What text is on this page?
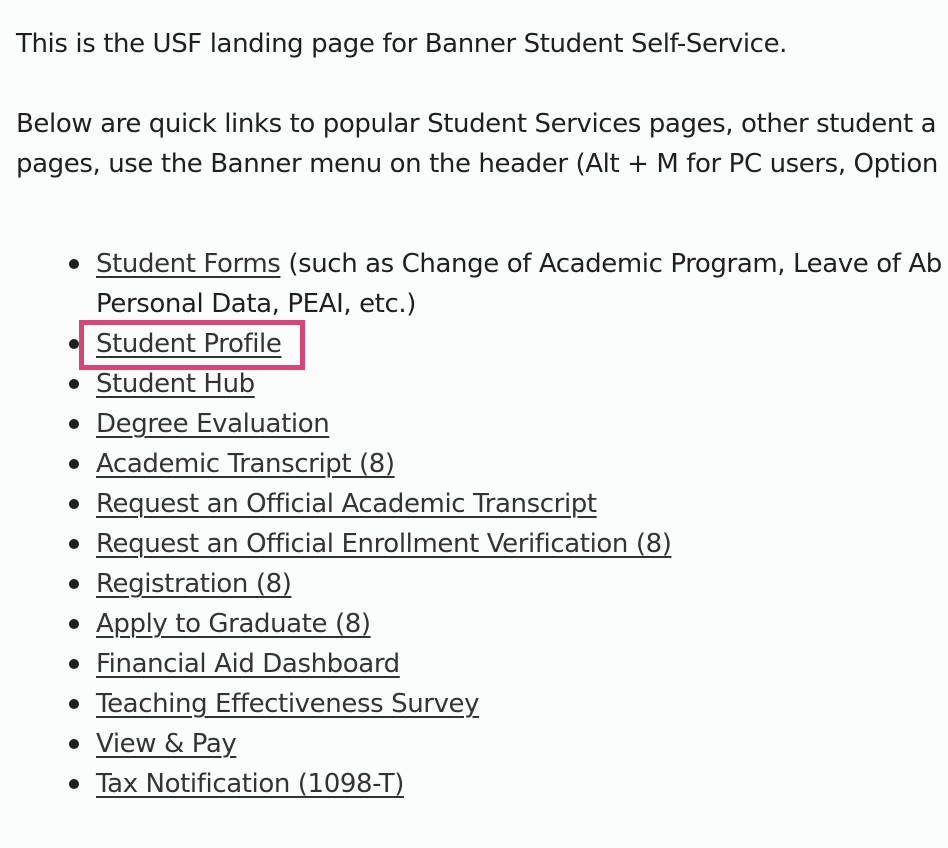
This is the USF landing page for Banner Student Self-Service.

Below are quick links to popular Student Services pages, other student a

pages, use the Banner menu on the header (Alt + M for PC users, Option

Student Forms (such as Change of Academic Program, Leave of Ab
Personal Data, PEAI, etc.)
Student Profile
Student Hub
Degree Evaluation
Academic Transcript (8)
Request an Official Academic Transcript
Request an Official Enrollment Verification (8)
Registration (8)
Apply to Graduate (8)
Financial Aid Dashboard
Teaching Effectiveness Survey
View & Pay
Tax Notification (1098-T)
